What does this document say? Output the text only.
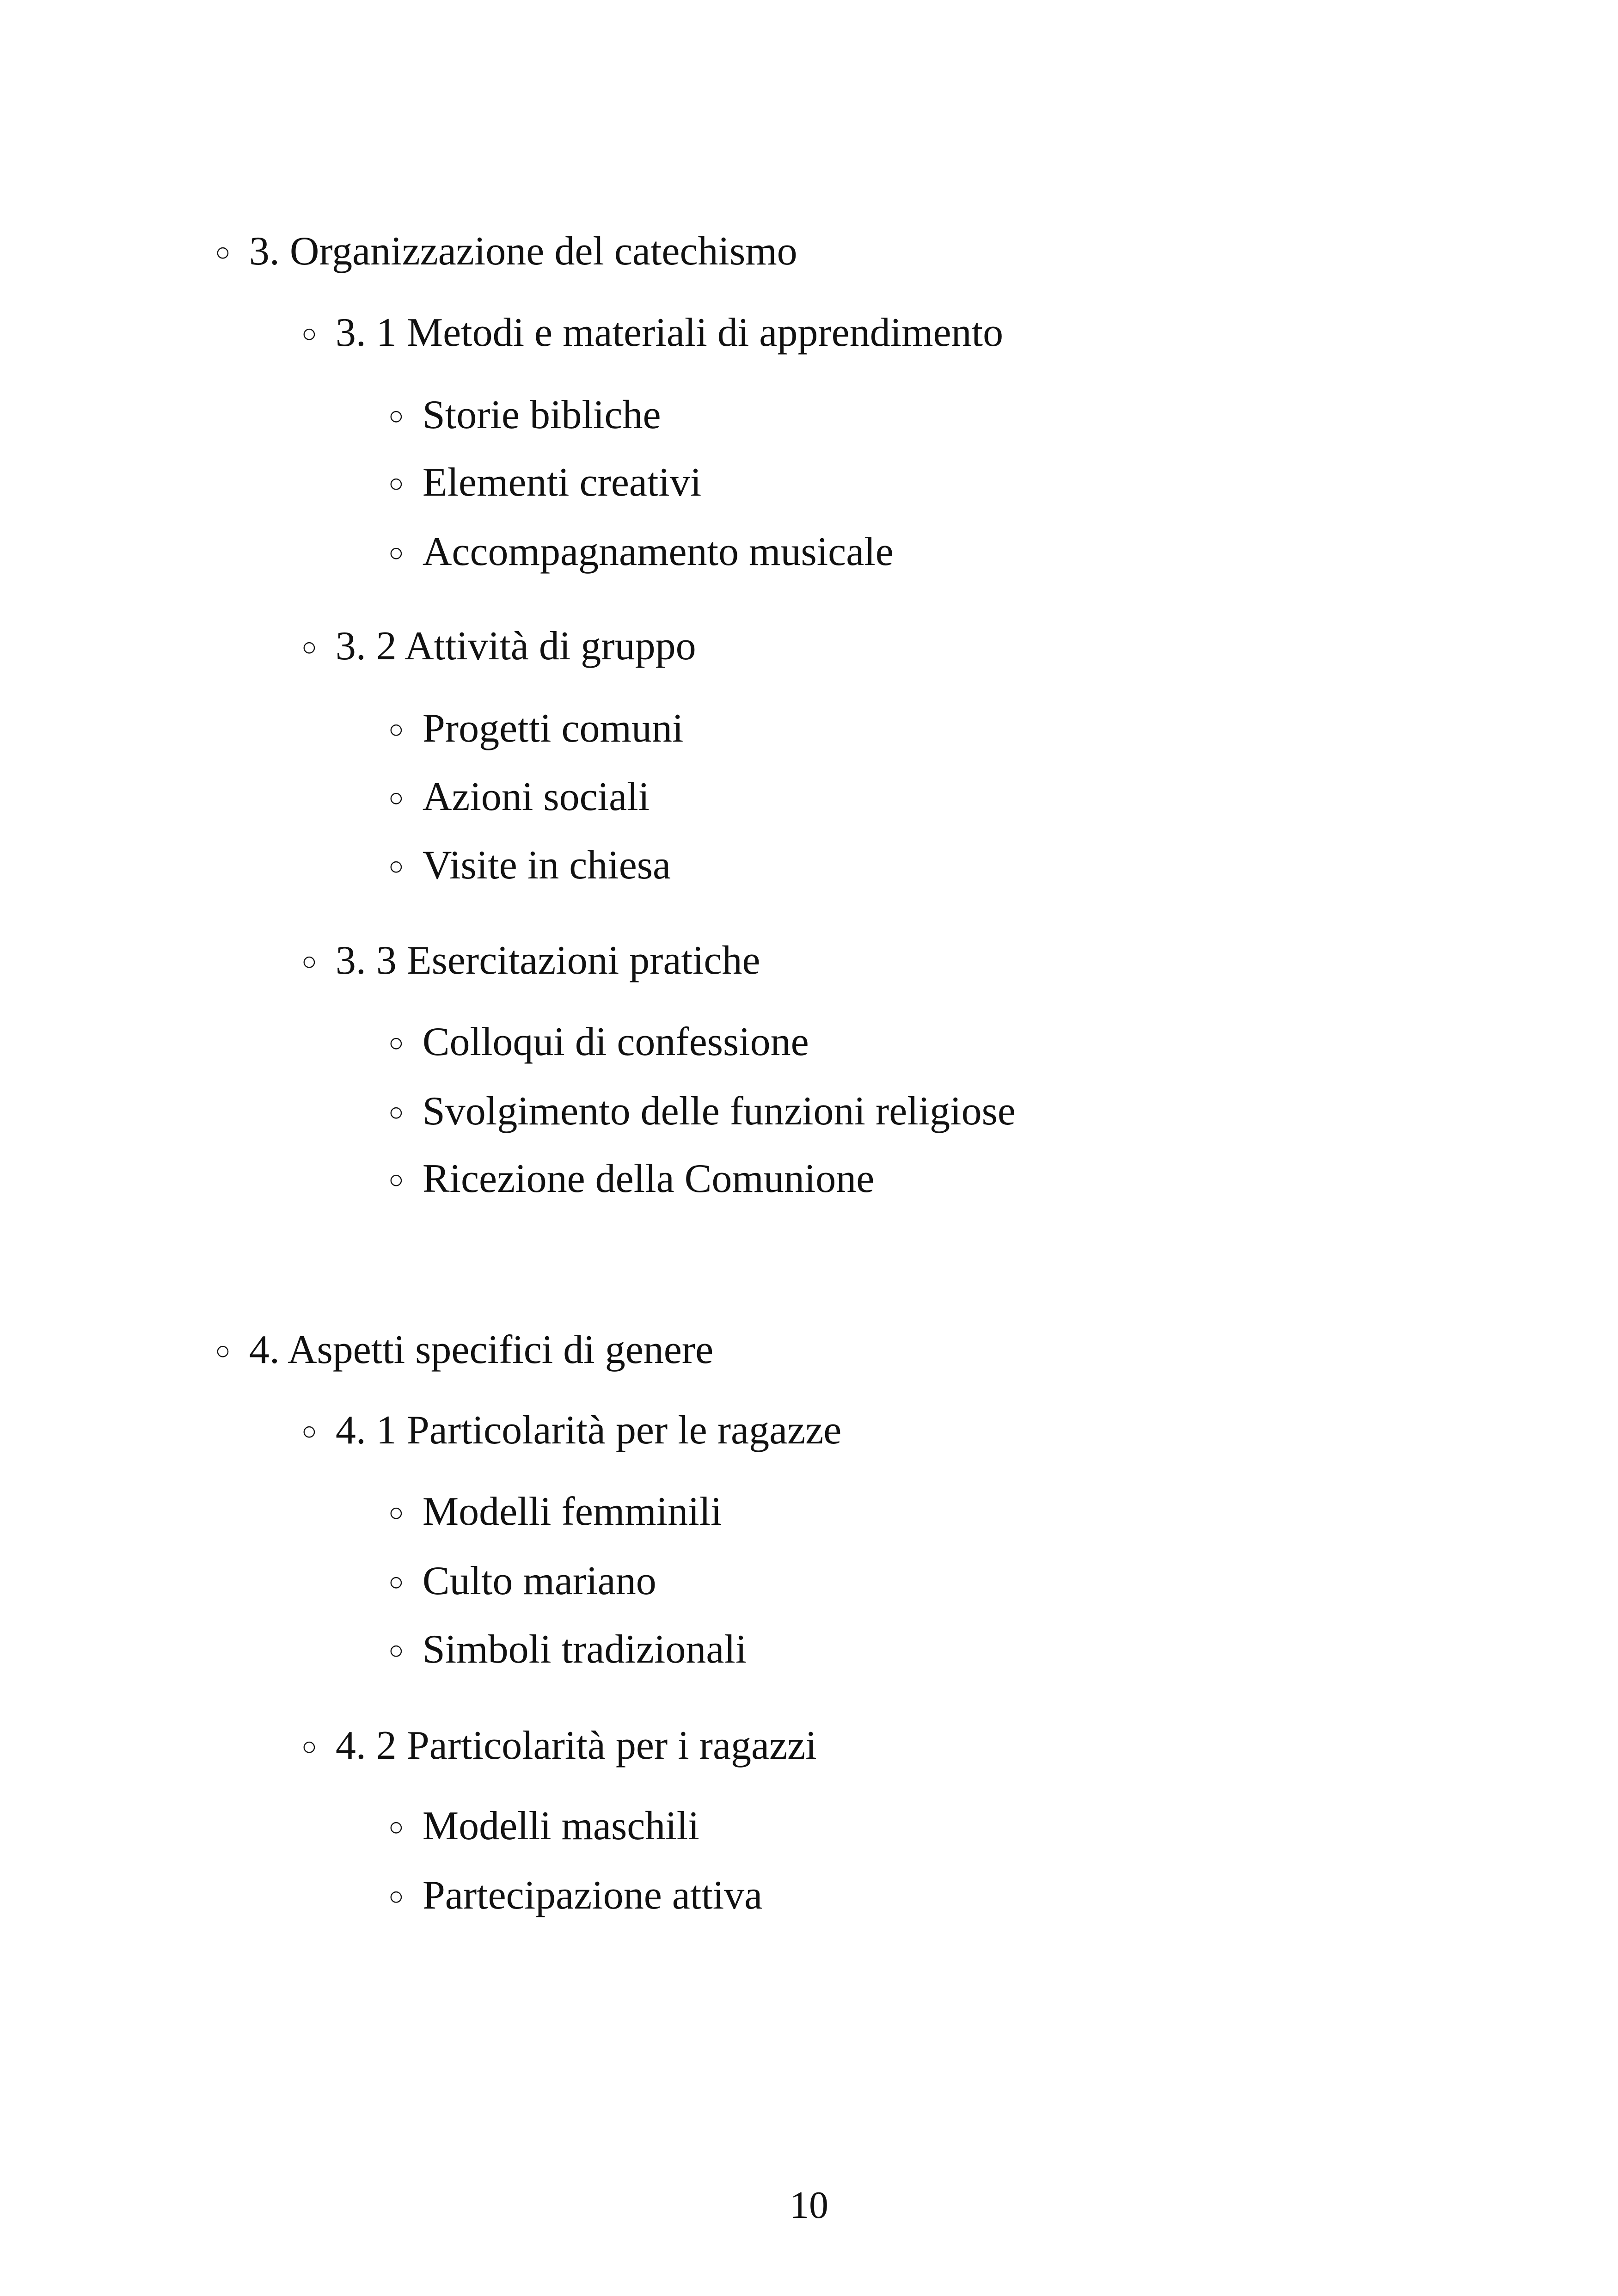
○ 3. Organizzazione del catechismo
○ 3. 1 Metodi e materiali di apprendimento
○ Storie bibliche
○ Elementi creativi
○ Accompagnamento musicale
○ 3. 2 Attività di gruppo
○ Progetti comuni
○ Azioni sociali
○ Visite in chiesa
○ 3. 3 Esercitazioni pratiche
○ Colloqui di confessione
○ Svolgimento delle funzioni religiose
○ Ricezione della Comunione
○ 4. Aspetti specifici di genere
○ 4. 1 Particolarità per le ragazze
○ Modelli femminili
○ Culto mariano
○ Simboli tradizionali
○ 4. 2 Particolarità per i ragazzi
○ Modelli maschili
○ Partecipazione attiva
10
